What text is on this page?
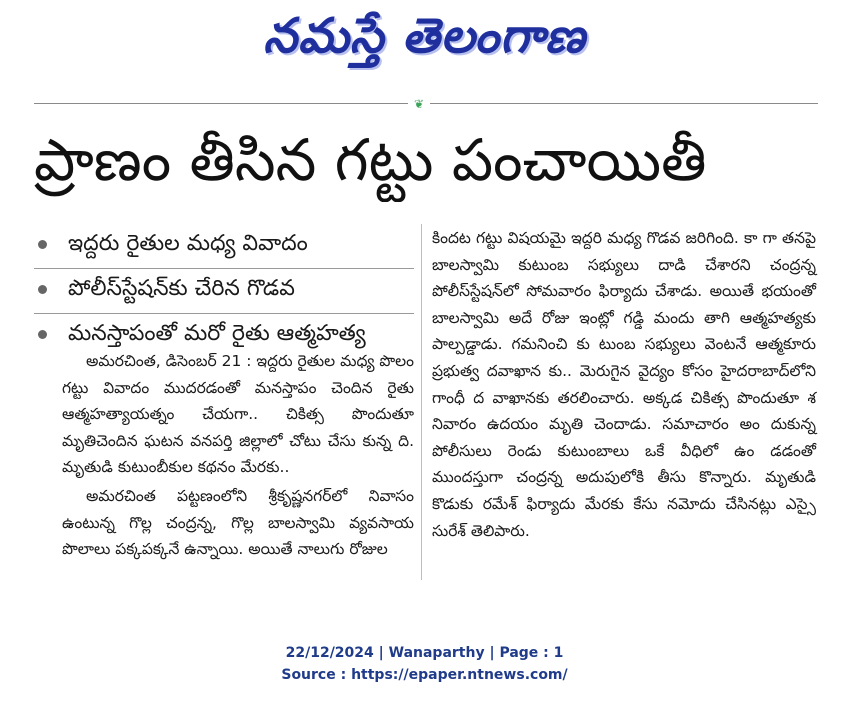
నమస్తే తెలంగాణ
❦
ప్రాణం తీసిన గట్టు పంచాయితీ
ఇద్దరు రైతుల మధ్య వివాదం
పోలీస్‌స్టేషన్‌కు చేరిన గొడవ
మనస్తాపంతో మరో రైతు ఆత్మహత్య

అమరచింత, డిసెంబర్ 21 : ఇద్దరు రైతుల మధ్య పొలం గట్టు వివాదం ముదరడంతో మనస్తాపం చెందిన రైతు ఆత్మహత్యాయత్నం చేయగా.. చికిత్స పొందుతూ మృతిచెందిన ఘటన వనపర్తి జిల్లాలో చోటు చేసు కున్న ది. మృతుడి కుటుంబీకుల కథనం మేరకు..

అమరచింత పట్టణంలోని శ్రీకృష్ణనగర్‌లో నివాసం ఉంటున్న గొల్ల చంద్రన్న, గొల్ల బాలస్వామి వ్యవసాయ పొలాలు పక్కపక్కనే ఉన్నాయి. అయితే నాలుగు రోజుల

కిందట గట్టు విషయమై ఇద్దరి మధ్య గొడవ జరిగింది. కా గా తనపై బాలస్వామి కుటుంబ సభ్యులు దాడి చేశారని చంద్రన్న పోలీస్‌స్టేషన్‌లో సోమవారం ఫిర్యాదు చేశాడు. అయితే భయంతో బాలస్వామి అదే రోజు ఇంట్లో గడ్డి మందు తాగి ఆత్మహత్యకు పాల్పడ్డాడు. గమనించి కు టుంబ సభ్యులు వెంటనే ఆత్మకూరు ప్రభుత్వ దవాఖాన కు.. మెరుగైన వైద్యం కోసం హైదరాబాద్‌లోని గాంధీ ద వాఖానకు తరలించారు. అక్కడ చికిత్స పొందుతూ శ నివారం ఉదయం మృతి చెందాడు. సమాచారం అం దుకున్న పోలీసులు రెండు కుటుంబాలు ఒకే వీధిలో ఉం డడంతో ముందస్తుగా చంద్రన్న అదుపులోకి తీసు కొన్నారు. మృతుడి కొడుకు రమేశ్ ఫిర్యాదు మేరకు కేసు నమోదు చేసినట్లు ఎస్సై సురేశ్ తెలిపారు.

22/12/2024 | Wanaparthy | Page : 1
Source : https://epaper.ntnews.com/
